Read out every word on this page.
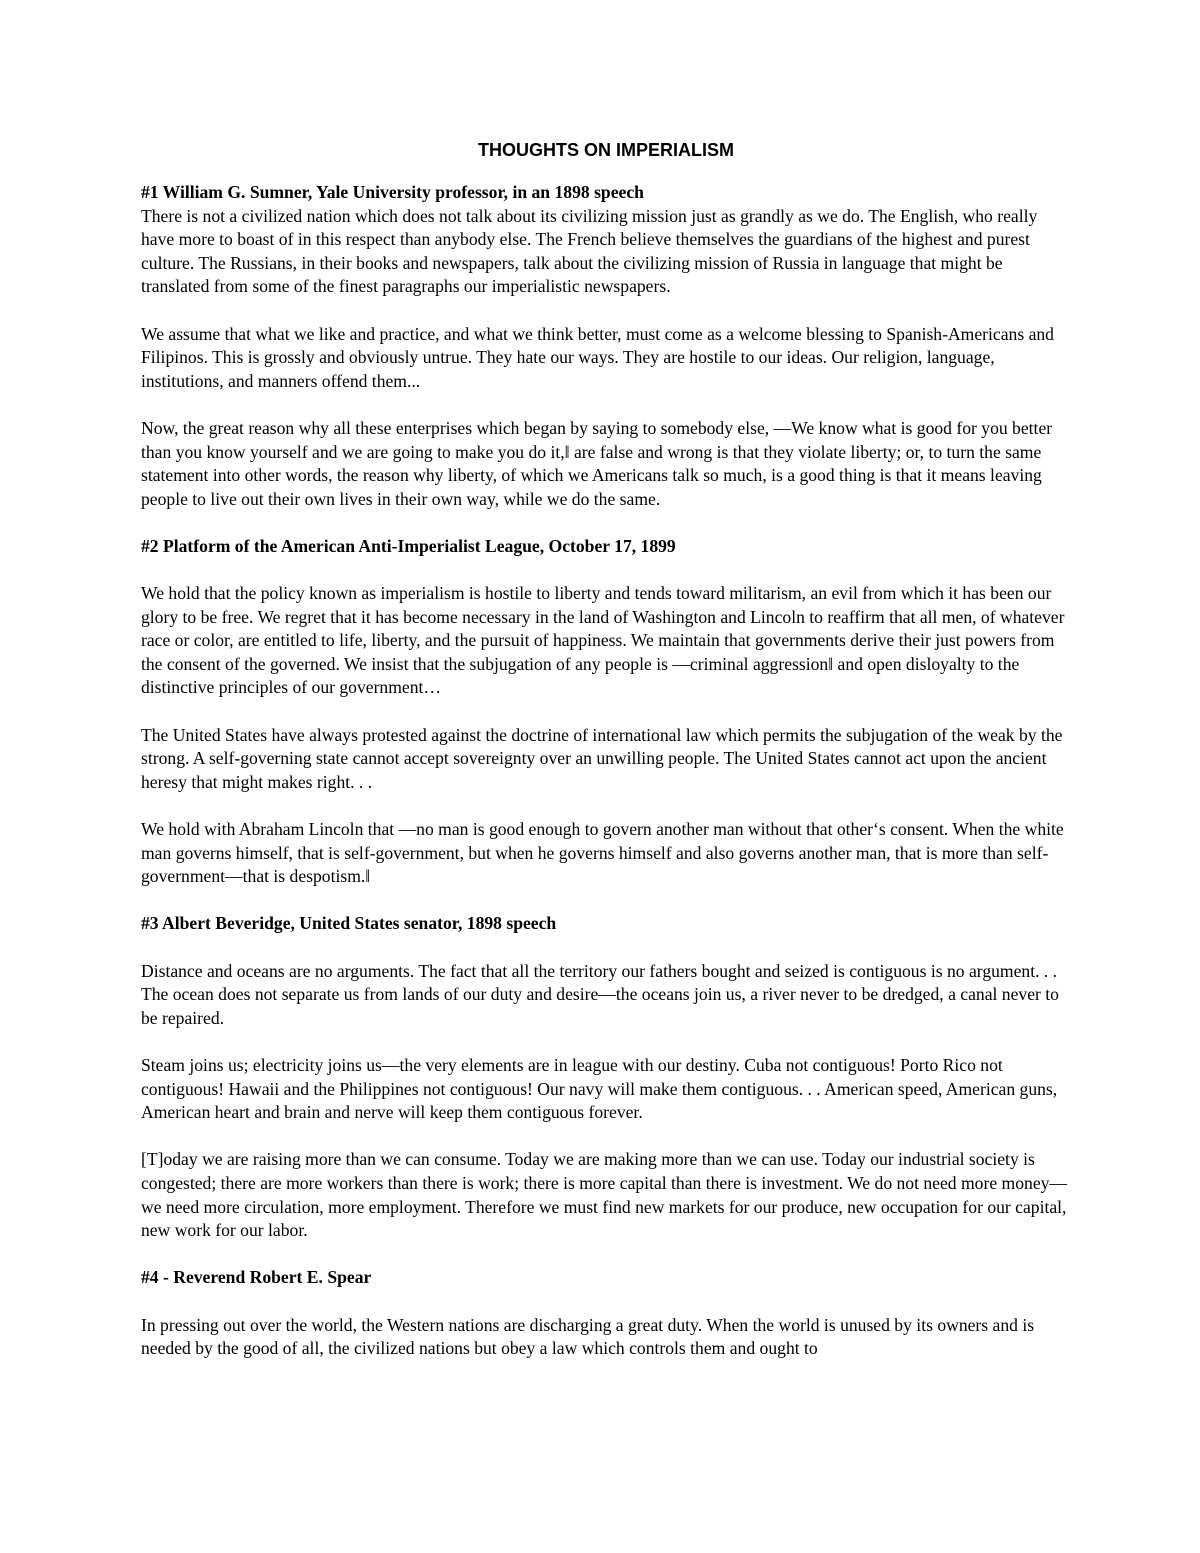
THOUGHTS ON IMPERIALISM
#1 William G. Sumner, Yale University professor, in an 1898 speech
There is not a civilized nation which does not talk about its civilizing mission just as grandly as we do. The English, who really have more to boast of in this respect than anybody else. The French believe themselves the guardians of the highest and purest culture. The Russians, in their books and newspapers, talk about the civilizing mission of Russia in language that might be translated from some of the finest paragraphs our imperialistic newspapers.
We assume that what we like and practice, and what we think better, must come as a welcome blessing to Spanish-Americans and Filipinos. This is grossly and obviously untrue. They hate our ways. They are hostile to our ideas. Our religion, language, institutions, and manners offend them...
Now, the great reason why all these enterprises which began by saying to somebody else, ―We know what is good for you better than you know yourself and we are going to make you do it,‖ are false and wrong is that they violate liberty; or, to turn the same statement into other words, the reason why liberty, of which we Americans talk so much, is a good thing is that it means leaving people to live out their own lives in their own way, while we do the same.
#2 Platform of the American Anti-Imperialist League, October 17, 1899
We hold that the policy known as imperialism is hostile to liberty and tends toward militarism, an evil from which it has been our glory to be free. We regret that it has become necessary in the land of Washington and Lincoln to reaffirm that all men, of whatever race or color, are entitled to life, liberty, and the pursuit of happiness. We maintain that governments derive their just powers from the consent of the governed. We insist that the subjugation of any people is ―criminal aggression‖ and open disloyalty to the distinctive principles of our government…
The United States have always protested against the doctrine of international law which permits the subjugation of the weak by the strong. A self-governing state cannot accept sovereignty over an unwilling people. The United States cannot act upon the ancient heresy that might makes right. . .
We hold with Abraham Lincoln that ―no man is good enough to govern another man without that other‘s consent. When the white man governs himself, that is self-government, but when he governs himself and also governs another man, that is more than self-government—that is despotism.‖
#3 Albert Beveridge, United States senator, 1898 speech
Distance and oceans are no arguments. The fact that all the territory our fathers bought and seized is contiguous is no argument. . . The ocean does not separate us from lands of our duty and desire—the oceans join us, a river never to be dredged, a canal never to be repaired.
Steam joins us; electricity joins us—the very elements are in league with our destiny. Cuba not contiguous! Porto Rico not contiguous! Hawaii and the Philippines not contiguous! Our navy will make them contiguous. . . American speed, American guns, American heart and brain and nerve will keep them contiguous forever.
[T]oday we are raising more than we can consume. Today we are making more than we can use. Today our industrial society is congested; there are more workers than there is work; there is more capital than there is investment. We do not need more money—we need more circulation, more employment. Therefore we must find new markets for our produce, new occupation for our capital, new work for our labor.
#4 - Reverend Robert E. Spear
In pressing out over the world, the Western nations are discharging a great duty. When the world is unused by its owners and is needed by the good of all, the civilized nations but obey a law which controls them and ought to
